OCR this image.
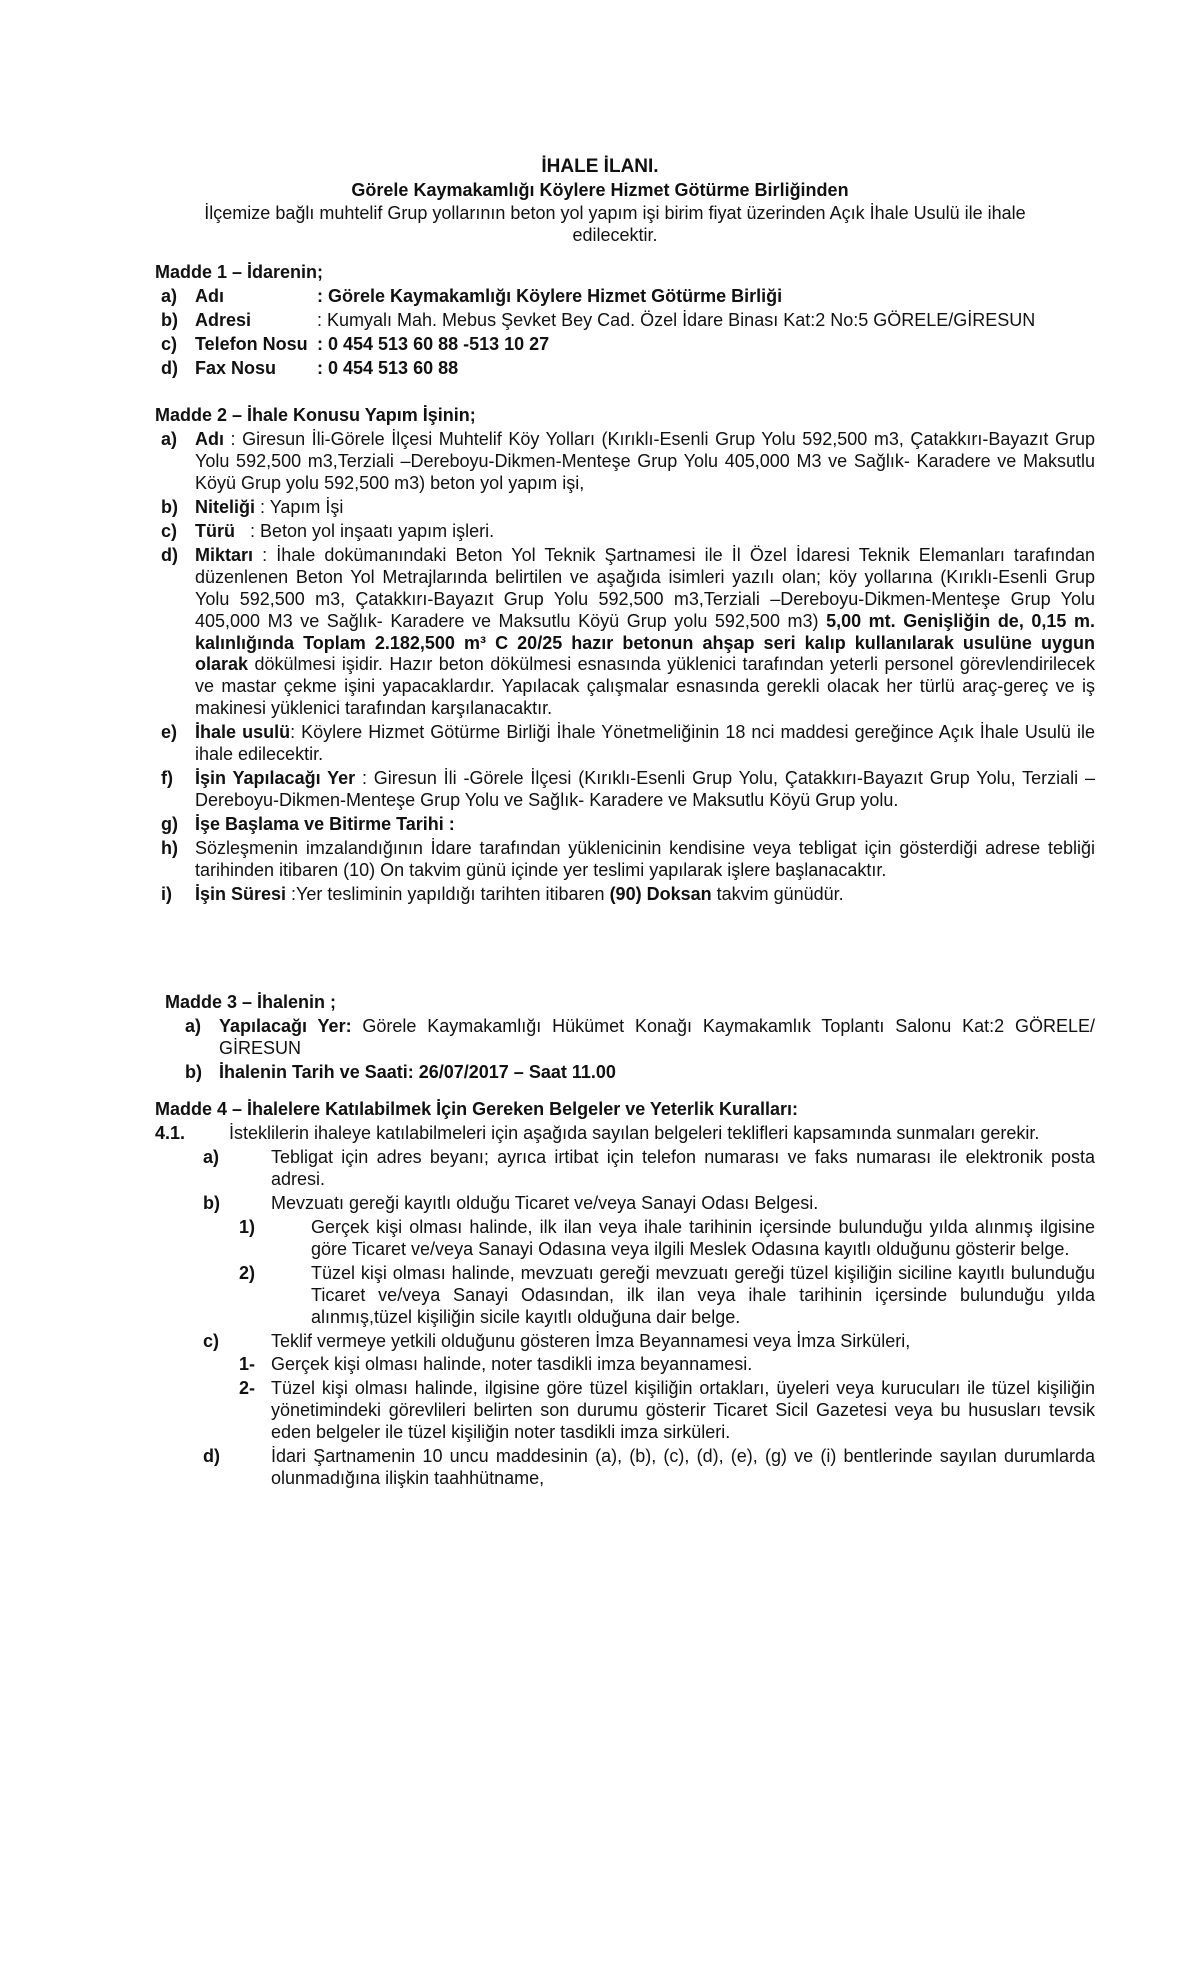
İHALE İLANI.
Görele Kaymakamlığı Köylere Hizmet Götürme Birliğinden
İlçemize bağlı muhtelif Grup yollarının beton yol yapım işi birim fiyat üzerinden Açık İhale Usulü ile ihale edilecektir.
Madde 1 – İdarenin;
a) Adı	: Görele Kaymakamlığı Köylere Hizmet Götürme Birliği
b) Adresi	: Kumyalı Mah. Mebus Şevket Bey Cad. Özel İdare Binası Kat:2 No:5 GÖRELE/GİRESUN
c) Telefon Nosu : 0 454 513 60 88 -513 10 27
d) Fax Nosu	: 0 454 513 60 88
Madde 2 – İhale Konusu Yapım İşinin;
a) Adı : Giresun İli-Görele İlçesi Muhtelif Köy Yolları (Kırıklı-Esenli Grup Yolu 592,500 m3, Çatakkırı-Bayazıt Grup Yolu 592,500 m3,Terziali –Dereboyu-Dikmen-Menteşe Grup Yolu 405,000 M3 ve Sağlık- Karadere ve Maksutlu Köyü Grup yolu 592,500 m3) beton yol yapım işi,
b) Niteliği : Yapım İşi
c) Türü   : Beton yol inşaatı yapım işleri.
d) Miktarı : İhale dokümanındaki Beton Yol Teknik Şartnamesi ile İl Özel İdaresi Teknik Elemanları tarafından düzenlenen Beton Yol Metrajlarında belirtilen ve aşağıda isimleri yazılı olan; köy yollarına (Kırıklı-Esenli Grup Yolu 592,500 m3, Çatakkırı-Bayazıt Grup Yolu 592,500 m3,Terziali –Dereboyu-Dikmen-Menteşe Grup Yolu 405,000 M3 ve Sağlık- Karadere ve Maksutlu Köyü Grup yolu 592,500 m3) 5,00 mt. Genişliğin de, 0,15 m. kalınlığında Toplam 2.182,500 m³ C 20/25 hazır betonun ahşap seri kalıp kullanılarak usulüne uygun olarak dökülmesi işidir. Hazır beton dökülmesi esnasında yüklenici tarafından yeterli personel görevlendirilecek ve mastar çekme işini yapacaklardır. Yapılacak çalışmalar esnasında gerekli olacak her türlü araç-gereç ve iş makinesi yüklenici tarafından karşılanacaktır.
e) İhale usulü: Köylere Hizmet Götürme Birliği İhale Yönetmeliğinin 18 nci maddesi gereğince Açık İhale Usulü ile ihale edilecektir.
f)	İşin Yapılacağı Yer : Giresun İli -Görele İlçesi (Kırıklı-Esenli Grup Yolu, Çatakkırı-Bayazıt Grup Yolu, Terziali –Dereboyu-Dikmen-Menteşe Grup Yolu ve Sağlık- Karadere ve Maksutlu Köyü Grup yolu.
g) İşe Başlama ve Bitirme Tarihi :
h) Sözleşmenin imzalandığının İdare tarafından yüklenicinin kendisine veya tebligat için gösterdiği adrese tebliği tarihinden itibaren (10) On takvim günü içinde yer teslimi yapılarak işlere başlanacaktır.
i)	İşin Süresi :Yer tesliminin yapıldığı tarihten itibaren (90) Doksan takvim günüdür.
Madde 3 – İhalenin ;
a) Yapılacağı Yer: Görele Kaymakamlığı Hükümet Konağı Kaymakamlık Toplantı Salonu Kat:2 GÖRELE/ GİRESUN
b) İhalenin Tarih ve Saati: 26/07/2017 – Saat 11.00
Madde 4 – İhalelere Katılabilmek İçin Gereken Belgeler ve Yeterlik Kuralları:
4.1.	İsteklilerin ihaleye katılabilmeleri için aşağıda sayılan belgeleri teklifleri kapsamında sunmaları gerekir.
a)	Tebligat için adres beyanı; ayrıca irtibat için telefon numarası ve faks numarası ile elektronik posta adresi.
b)	Mevzuatı gereği kayıtlı olduğu Ticaret ve/veya Sanayi Odası Belgesi.
1)	Gerçek kişi olması halinde, ilk ilan veya ihale tarihinin içersinde bulunduğu yılda alınmış ilgisine göre Ticaret ve/veya Sanayi Odasına veya ilgili Meslek Odasına kayıtlı olduğunu gösterir belge.
2)	Tüzel kişi olması halinde, mevzuatı gereği mevzuatı gereği tüzel kişiliğin siciline kayıtlı bulunduğu Ticaret ve/veya Sanayi Odasından, ilk ilan veya ihale tarihinin içersinde bulunduğu yılda alınmış,tüzel kişiliğin sicile kayıtlı olduğuna dair belge.
c)	Teklif vermeye yetkili olduğunu gösteren İmza Beyannamesi veya İmza Sirküleri,
1- Gerçek kişi olması halinde, noter tasdikli imza beyannamesi.
2- Tüzel kişi olması halinde, ilgisine göre tüzel kişiliğin ortakları, üyeleri veya kurucuları ile tüzel kişiliğin yönetimindeki görevlileri belirten son durumu gösterir Ticaret Sicil Gazetesi veya bu hususları tevsik eden belgeler ile tüzel kişiliğin noter tasdikli imza sirküleri.
d)	İdari Şartnamenin 10 uncu maddesinin (a), (b), (c), (d), (e), (g) ve (i) bentlerinde sayılan durumlarda olunmadığına ilişkin taahhütname,
